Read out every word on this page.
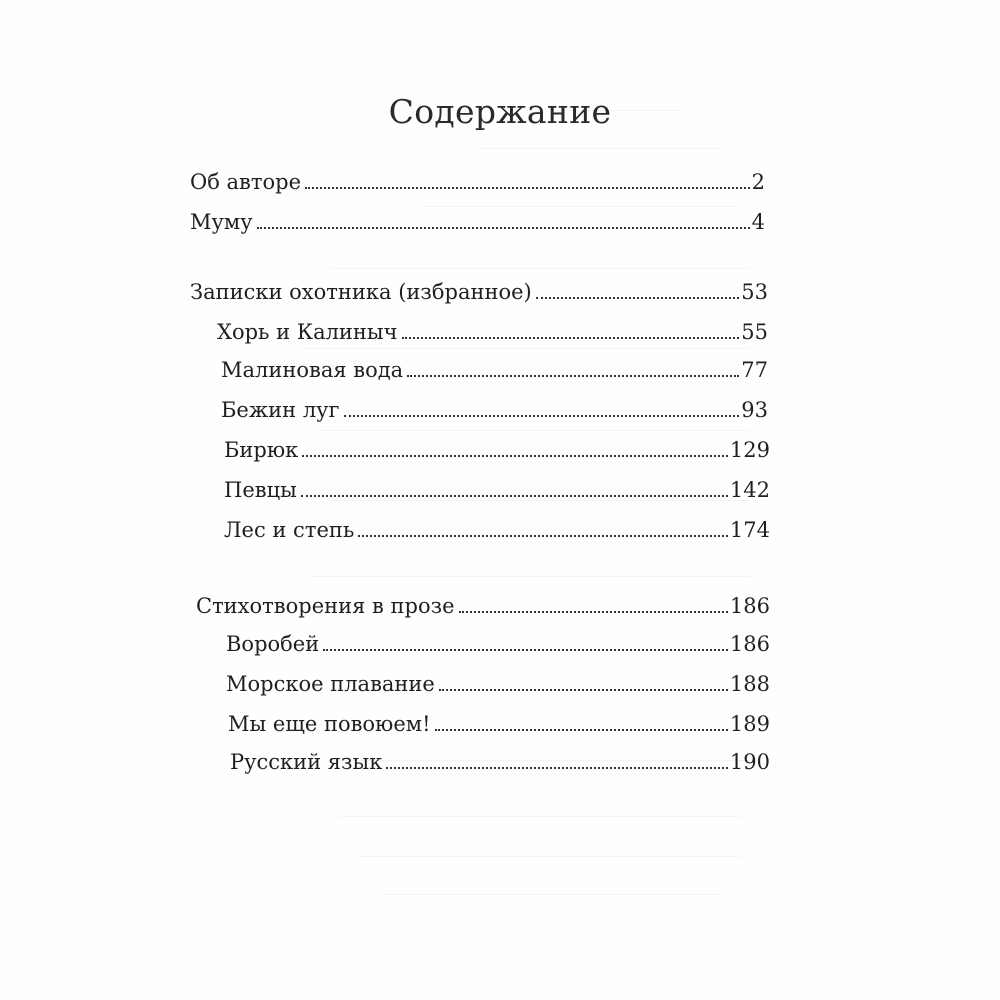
Содержание
Об авторе	2
Муму	4
Записки охотника (избранное)	53
Хорь и Калиныч	55
Малиновая вода	77
Бежин луг	93
Бирюк	129
Певцы	142
Лес и степь	174
Стихотворения в прозе	186
Воробей	186
Морское плавание	188
Мы еще повоюем!	189
Русский язык	190
